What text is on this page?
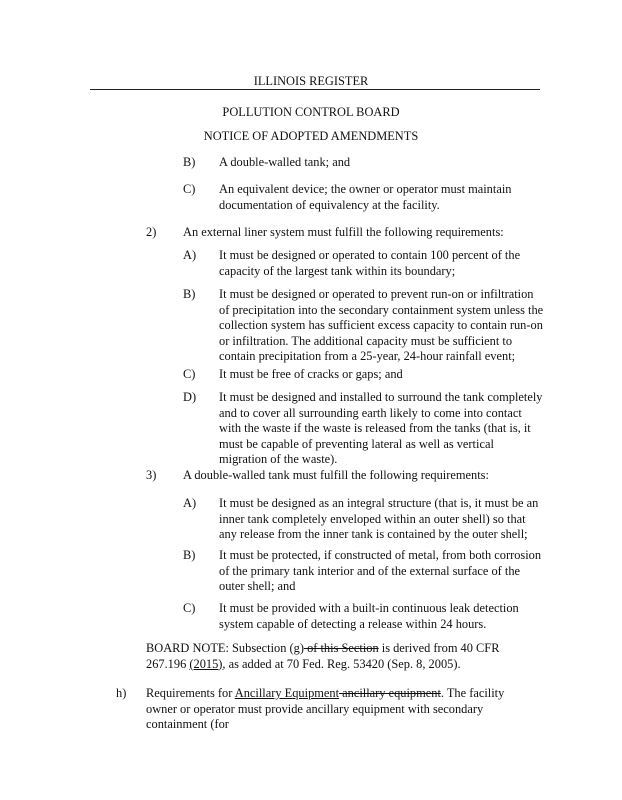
ILLINOIS REGISTER
POLLUTION CONTROL BOARD
NOTICE OF ADOPTED AMENDMENTS
B) A double-walled tank; and
C) An equivalent device; the owner or operator must maintain documentation of equivalency at the facility.
2) An external liner system must fulfill the following requirements:
A) It must be designed or operated to contain 100 percent of the capacity of the largest tank within its boundary;
B) It must be designed or operated to prevent run-on or infiltration of precipitation into the secondary containment system unless the collection system has sufficient excess capacity to contain run-on or infiltration. The additional capacity must be sufficient to contain precipitation from a 25-year, 24-hour rainfall event;
C) It must be free of cracks or gaps; and
D) It must be designed and installed to surround the tank completely and to cover all surrounding earth likely to come into contact with the waste if the waste is released from the tanks (that is, it must be capable of preventing lateral as well as vertical migration of the waste).
3) A double-walled tank must fulfill the following requirements:
A) It must be designed as an integral structure (that is, it must be an inner tank completely enveloped within an outer shell) so that any release from the inner tank is contained by the outer shell;
B) It must be protected, if constructed of metal, from both corrosion of the primary tank interior and of the external surface of the outer shell; and
C) It must be provided with a built-in continuous leak detection system capable of detecting a release within 24 hours.
BOARD NOTE: Subsection (g) of this Section is derived from 40 CFR 267.196 (2015), as added at 70 Fed. Reg. 53420 (Sep. 8, 2005).
h) Requirements for Ancillary Equipment ancillary equipment. The facility owner or operator must provide ancillary equipment with secondary containment (for
